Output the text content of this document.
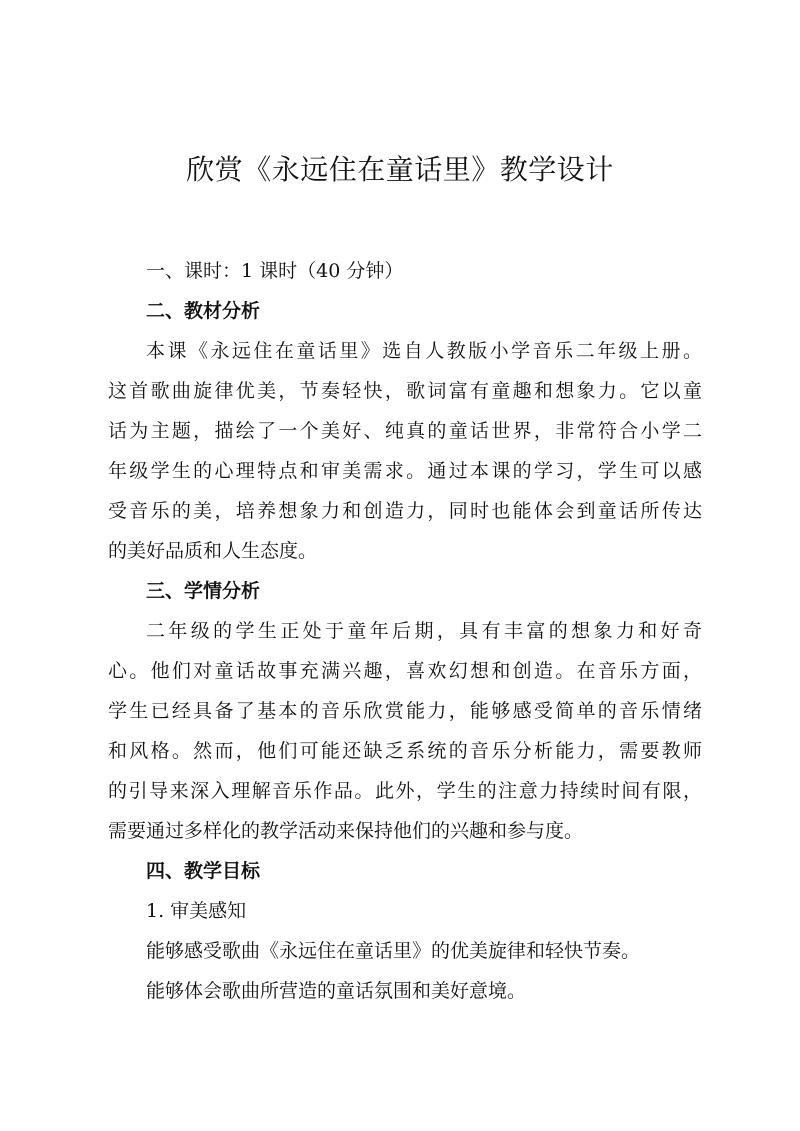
欣赏《永远住在童话里》教学设计
一、课时：1 课时（40 分钟）
二、教材分析
本课《永远住在童话里》选自人教版小学音乐二年级上册。
这首歌曲旋律优美，节奏轻快，歌词富有童趣和想象力。它以童
话为主题，描绘了一个美好、纯真的童话世界，非常符合小学二
年级学生的心理特点和审美需求。通过本课的学习，学生可以感
受音乐的美，培养想象力和创造力，同时也能体会到童话所传达
的美好品质和人生态度。
三、学情分析
二年级的学生正处于童年后期，具有丰富的想象力和好奇
心。他们对童话故事充满兴趣，喜欢幻想和创造。在音乐方面，
学生已经具备了基本的音乐欣赏能力，能够感受简单的音乐情绪
和风格。然而，他们可能还缺乏系统的音乐分析能力，需要教师
的引导来深入理解音乐作品。此外，学生的注意力持续时间有限，
需要通过多样化的教学活动来保持他们的兴趣和参与度。
四、教学目标
1. 审美感知
能够感受歌曲《永远住在童话里》的优美旋律和轻快节奏。
能够体会歌曲所营造的童话氛围和美好意境。
